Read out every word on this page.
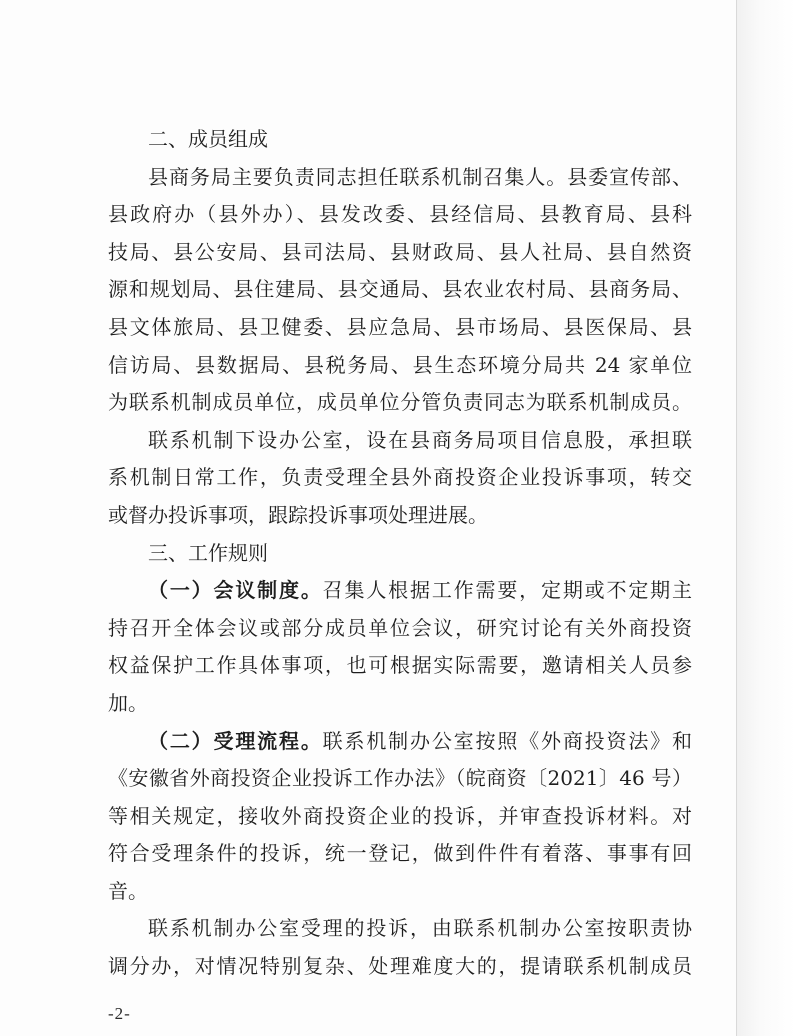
二、成员组成
县商务局主要负责同志担任联系机制召集人。县委宣传部、
县政府办（县外办）、县发改委、县经信局、县教育局、县科
技局、县公安局、县司法局、县财政局、县人社局、县自然资
源和规划局、县住建局、县交通局、县农业农村局、县商务局、
县文体旅局、县卫健委、县应急局、县市场局、县医保局、县
信访局、县数据局、县税务局、县生态环境分局共 24 家单位
为联系机制成员单位，成员单位分管负责同志为联系机制成员。
联系机制下设办公室，设在县商务局项目信息股，承担联
系机制日常工作，负责受理全县外商投资企业投诉事项，转交
或督办投诉事项，跟踪投诉事项处理进展。
三、工作规则
（一）会议制度。召集人根据工作需要，定期或不定期主
持召开全体会议或部分成员单位会议，研究讨论有关外商投资
权益保护工作具体事项，也可根据实际需要，邀请相关人员参
加。
（二）受理流程。联系机制办公室按照《外商投资法》和
《安徽省外商投资企业投诉工作办法》（皖商资〔2021〕46 号）
等相关规定，接收外商投资企业的投诉，并审查投诉材料。对
符合受理条件的投诉，统一登记，做到件件有着落、事事有回
音。
联系机制办公室受理的投诉，由联系机制办公室按职责协
调分办，对情况特别复杂、处理难度大的，提请联系机制成员
-2-
